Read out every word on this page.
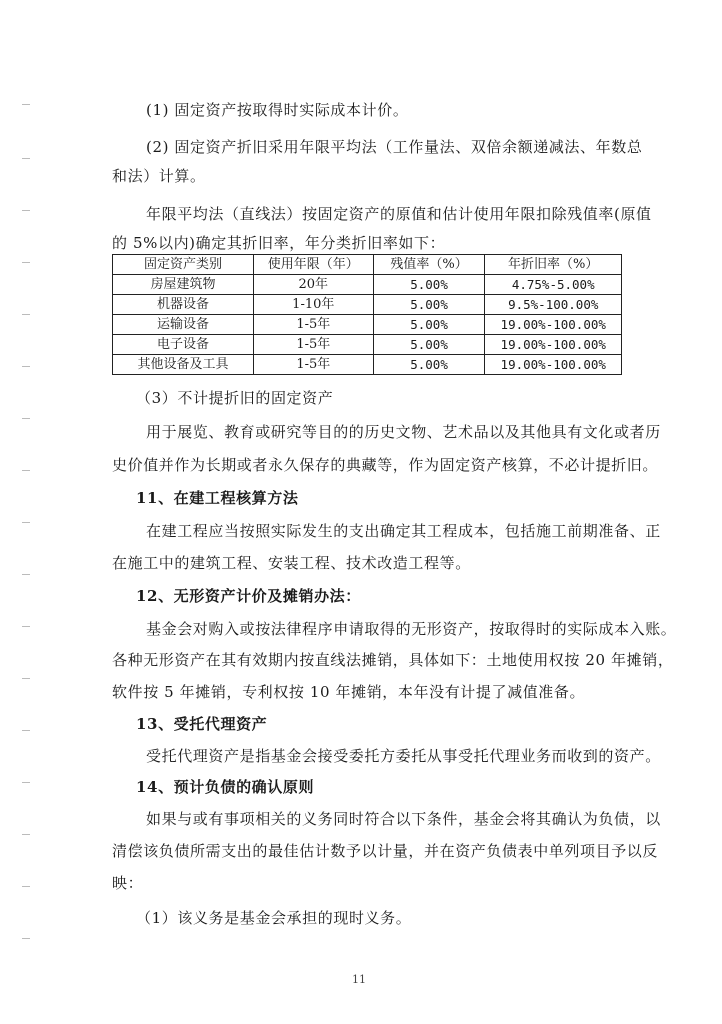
(1) 固定资产按取得时实际成本计价。
(2) 固定资产折旧采用年限平均法（工作量法、双倍余额递减法、年数总
和法）计算。
年限平均法（直线法）按固定资产的原值和估计使用年限扣除残值率(原值
的 5%以内)确定其折旧率，年分类折旧率如下：
固定资产类别	使用年限（年）	残值率（%）	年折旧率（%）
房屋建筑物	20年	5.00%	4.75%-5.00%
机器设备	1-10年	5.00%	9.5%-100.00%
运输设备	1-5年	5.00%	19.00%-100.00%
电子设备	1-5年	5.00%	19.00%-100.00%
其他设备及工具	1-5年	5.00%	19.00%-100.00%
（3）不计提折旧的固定资产
用于展览、教育或研究等目的的历史文物、艺术品以及其他具有文化或者历
史价值并作为长期或者永久保存的典藏等，作为固定资产核算，不必计提折旧。
11、在建工程核算方法
在建工程应当按照实际发生的支出确定其工程成本，包括施工前期准备、正
在施工中的建筑工程、安装工程、技术改造工程等。
12、无形资产计价及摊销办法：
基金会对购入或按法律程序申请取得的无形资产，按取得时的实际成本入账。
各种无形资产在其有效期内按直线法摊销，具体如下：土地使用权按 20 年摊销，
软件按 5 年摊销，专利权按 10 年摊销，本年没有计提了减值准备。
13、受托代理资产
受托代理资产是指基金会接受委托方委托从事受托代理业务而收到的资产。
14、预计负债的确认原则
如果与或有事项相关的义务同时符合以下条件，基金会将其确认为负债，以
清偿该负债所需支出的最佳估计数予以计量，并在资产负债表中单列项目予以反
映：
（1）该义务是基金会承担的现时义务。
11
